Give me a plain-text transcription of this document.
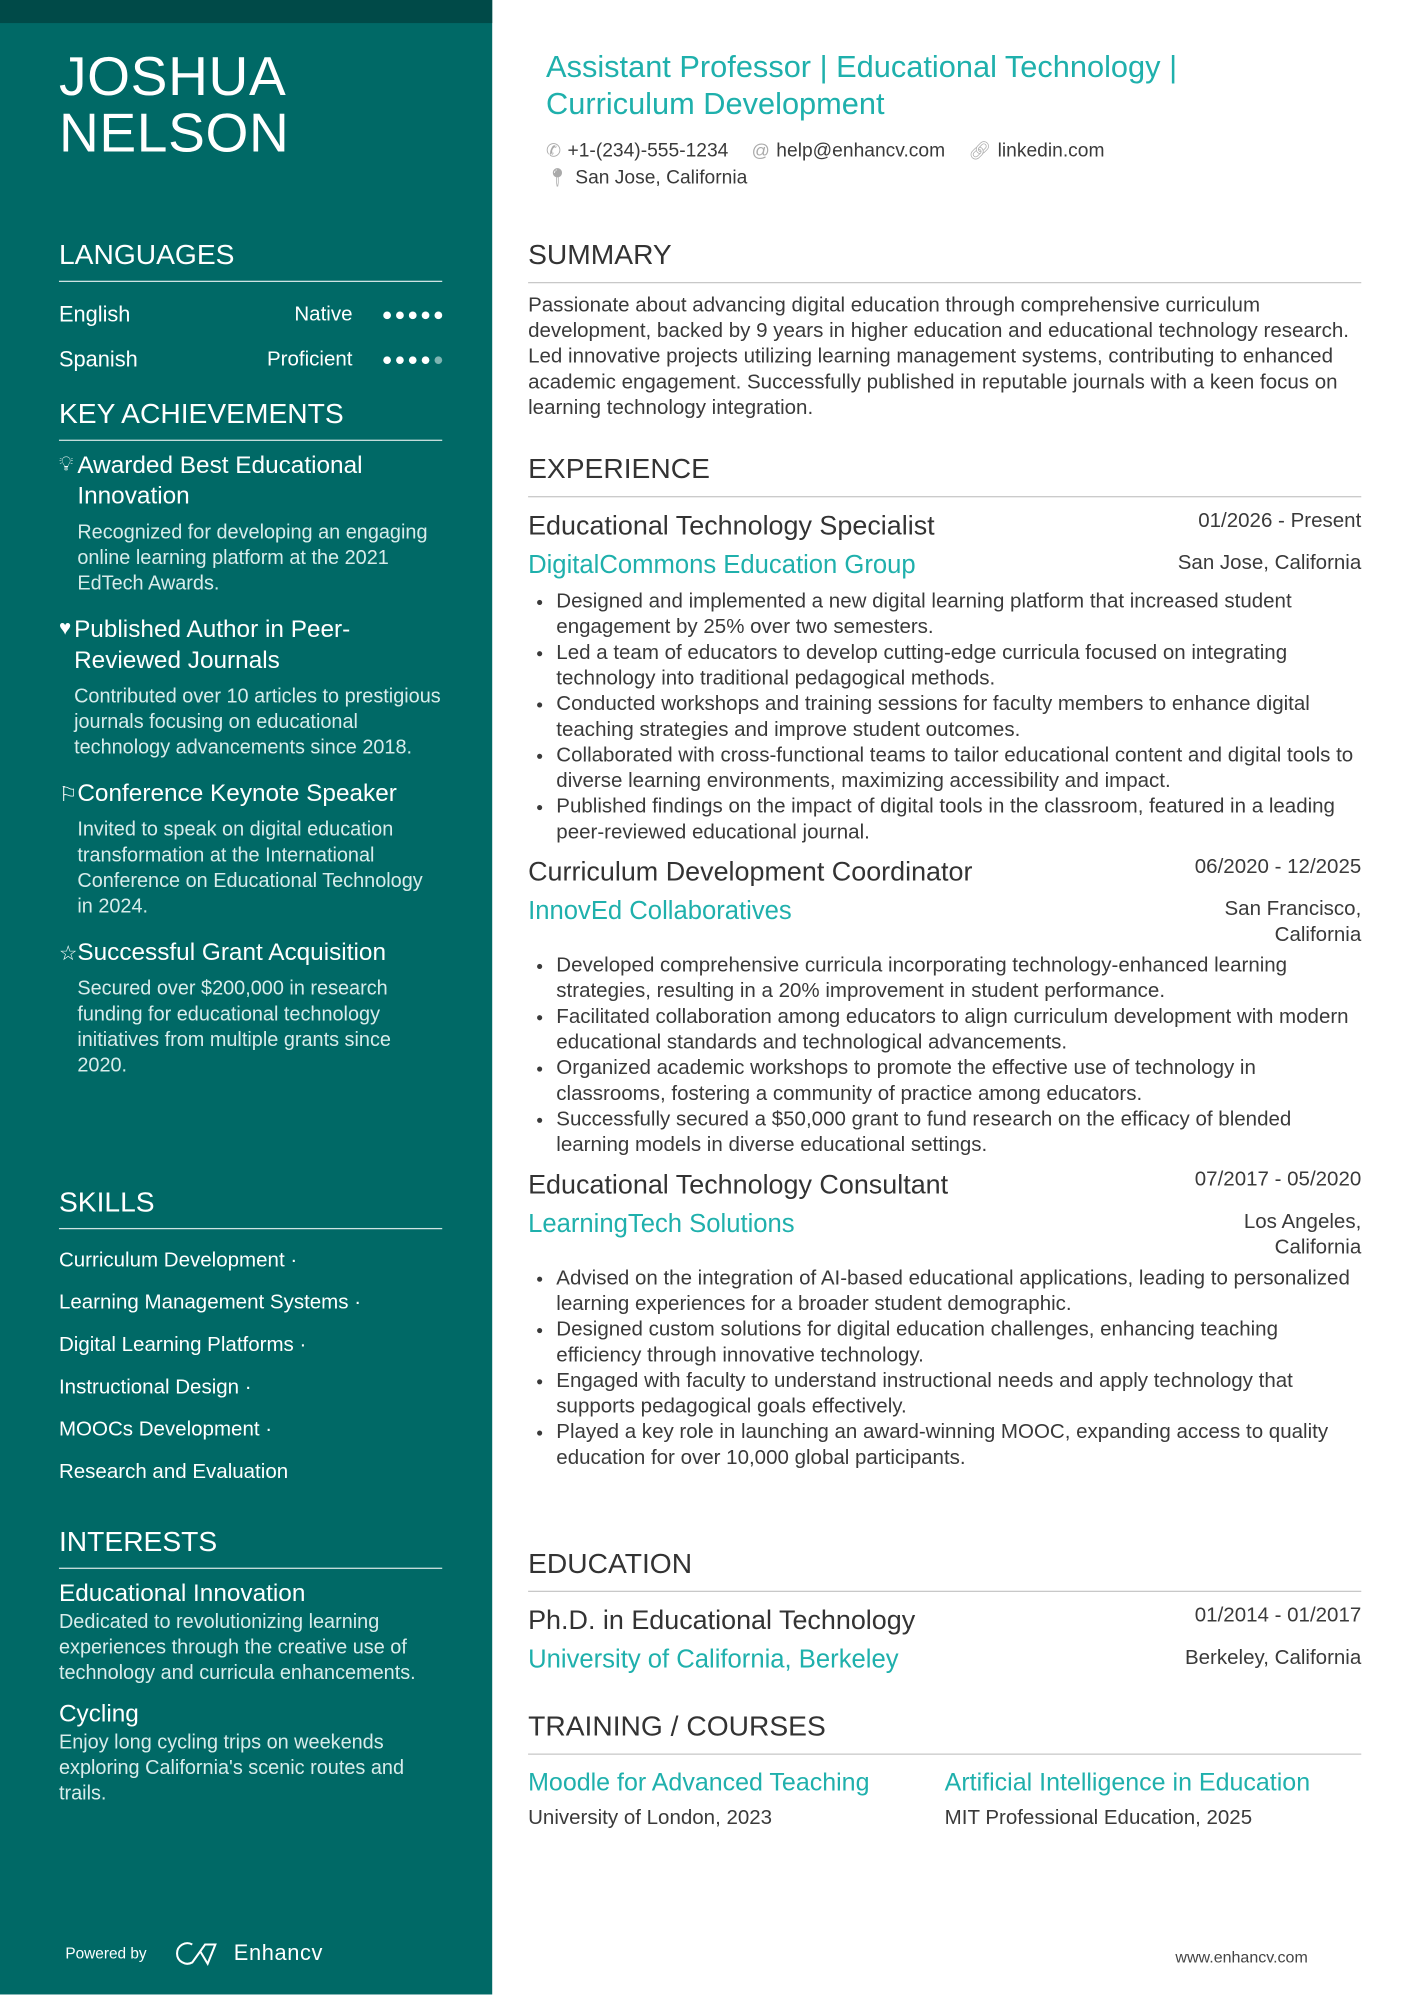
JOSHUA NELSON
LANGUAGES
English	Native
Spanish	Proficient
KEY ACHIEVEMENTS
💡︎ Awarded Best Educational Innovation
Recognized for developing an engaging online learning platform at the 2021 EdTech Awards.
♥ Published Author in Peer-Reviewed Journals
Contributed over 10 articles to prestigious journals focusing on educational technology advancements since 2018.
⚐ Conference Keynote Speaker
Invited to speak on digital education transformation at the International Conference on Educational Technology in 2024.
☆ Successful Grant Acquisition
Secured over $200,000 in research funding for educational technology initiatives from multiple grants since 2020.
SKILLS
Curriculum Development ·
Learning Management Systems ·
Digital Learning Platforms ·
Instructional Design ·
MOOCs Development ·
Research and Evaluation
INTERESTS
Educational Innovation
Dedicated to revolutionizing learning experiences through the creative use of technology and curricula enhancements.
Cycling
Enjoy long cycling trips on weekends exploring California's scenic routes and trails.
Powered by	Enhancv
Assistant Professor | Educational Technology | Curriculum Development
✆ +1-(234)-555-1234
@ help@enhancv.com
🔗︎ linkedin.com

📍︎ San Jose, California
SUMMARY
Passionate about advancing digital education through comprehensive curriculum development, backed by 9 years in higher education and educational technology research. Led innovative projects utilizing learning management systems, contributing to enhanced academic engagement. Successfully published in reputable journals with a keen focus on learning technology integration.
EXPERIENCE
Educational Technology Specialist	01/2026 - Present
DigitalCommons Education Group	San Jose, California
• Designed and implemented a new digital learning platform that increased student engagement by 25% over two semesters.
• Led a team of educators to develop cutting-edge curricula focused on integrating technology into traditional pedagogical methods.
• Conducted workshops and training sessions for faculty members to enhance digital teaching strategies and improve student outcomes.
• Collaborated with cross-functional teams to tailor educational content and digital tools to diverse learning environments, maximizing accessibility and impact.
• Published findings on the impact of digital tools in the classroom, featured in a leading peer-reviewed educational journal.
Curriculum Development Coordinator	06/2020 - 12/2025
InnovEd Collaboratives	San Francisco, California
• Developed comprehensive curricula incorporating technology-enhanced learning strategies, resulting in a 20% improvement in student performance.
• Facilitated collaboration among educators to align curriculum development with modern educational standards and technological advancements.
• Organized academic workshops to promote the effective use of technology in classrooms, fostering a community of practice among educators.
• Successfully secured a $50,000 grant to fund research on the efficacy of blended learning models in diverse educational settings.
Educational Technology Consultant	07/2017 - 05/2020
LearningTech Solutions	Los Angeles, California
• Advised on the integration of AI-based educational applications, leading to personalized learning experiences for a broader student demographic.
• Designed custom solutions for digital education challenges, enhancing teaching efficiency through innovative technology.
• Engaged with faculty to understand instructional needs and apply technology that supports pedagogical goals effectively.
• Played a key role in launching an award-winning MOOC, expanding access to quality education for over 10,000 global participants.
EDUCATION
Ph.D. in Educational Technology	01/2014 - 01/2017
University of California, Berkeley	Berkeley, California
TRAINING / COURSES
Moodle for Advanced Teaching
University of London, 2023
Artificial Intelligence in Education
MIT Professional Education, 2025
www.enhancv.com
